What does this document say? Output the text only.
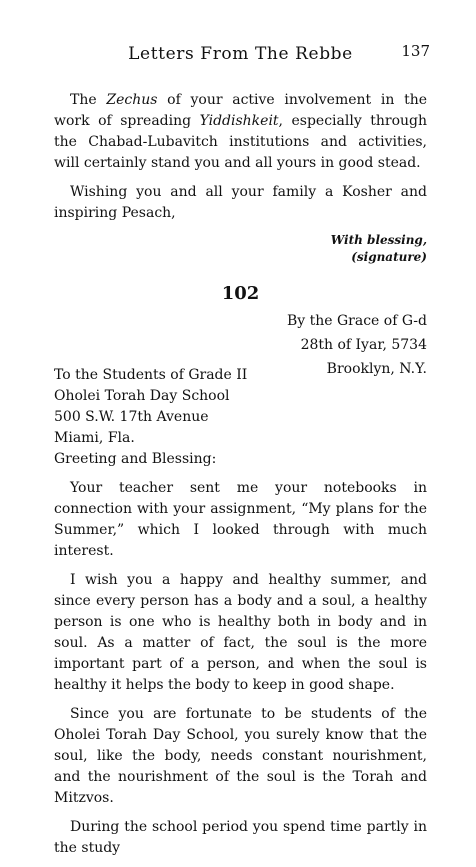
Letters From The Rebbe	137

The Zechus of your active involvement in the work of spreading Yiddishkeit, especially through the Chabad-Lubavitch institutions and activities, will certainly stand you and all yours in good stead.

Wishing you and all your family a Kosher and inspiring Pesach,

With blessing,

(signature)

102
By the Grace of G-d
28th of Iyar, 5734
Brooklyn, N.Y.
To the Students of Grade II
Oholei Torah Day School
500 S.W. 17th Avenue
Miami, Fla.
Greeting and Blessing:

Your teacher sent me your notebooks in connection with your assignment, “My plans for the Summer,” which I looked through with much interest.

I wish you a happy and healthy summer, and since every person has a body and a soul, a healthy person is one who is healthy both in body and in soul. As a matter of fact, the soul is the more important part of a person, and when the soul is healthy it helps the body to keep in good shape.

Since you are fortunate to be students of the Oholei Torah Day School, you surely know that the soul, like the body, needs constant nourishment, and the nourishment of the soul is the Torah and Mitzvos.

During the school period you spend time partly in the study
